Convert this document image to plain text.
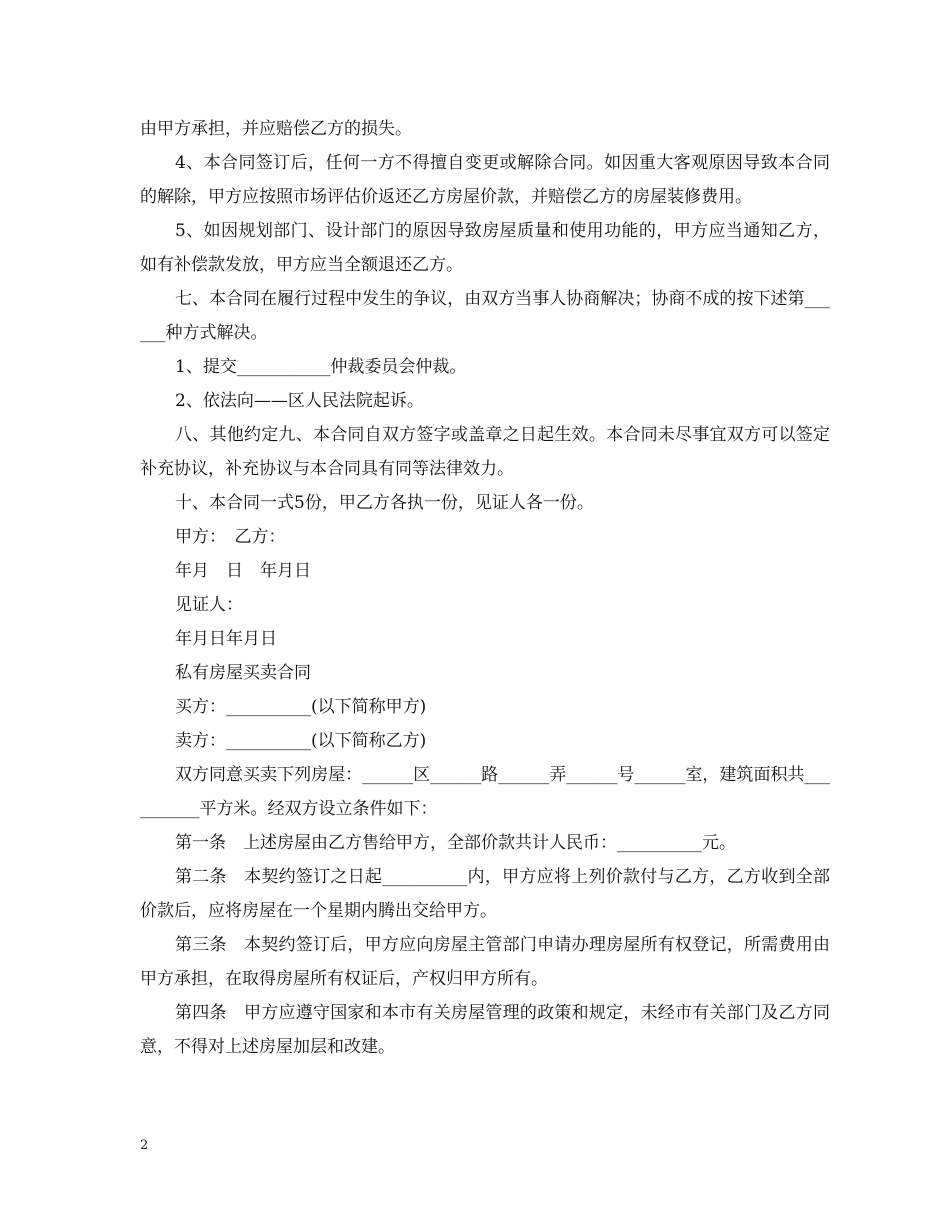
由甲方承担，并应赔偿乙方的损失。

4、本合同签订后，任何一方不得擅自变更或解除合同。如因重大客观原因导致本合同的解除，甲方应按照市场评估价返还乙方房屋价款，并赔偿乙方的房屋装修费用。

5、如因规划部门、设计部门的原因导致房屋质量和使用功能的，甲方应当通知乙方，如有补偿款发放，甲方应当全额退还乙方。

七、本合同在履行过程中发生的争议，由双方当事人协商解决；协商不成的按下述第______种方式解决。

1、提交___________仲裁委员会仲裁。

2、依法向——区人民法院起诉。

八、其他约定九、本合同自双方签字或盖章之日起生效。本合同未尽事宜双方可以签定补充协议，补充协议与本合同具有同等法律效力。

十、本合同一式5份，甲乙方各执一份，见证人各一份。

甲方：　乙方：

年月　日　年月日

见证人：

年月日年月日

私有房屋买卖合同

买方：__________(以下简称甲方)

卖方：__________(以下简称乙方)

双方同意买卖下列房屋：______区______路______弄______号______室，建筑面积共__________平方米。经双方设立条件如下：

第一条　上述房屋由乙方售给甲方，全部价款共计人民币：__________元。

第二条　本契约签订之日起__________内，甲方应将上列价款付与乙方，乙方收到全部价款后，应将房屋在一个星期内腾出交给甲方。

第三条　本契约签订后，甲方应向房屋主管部门申请办理房屋所有权登记，所需费用由甲方承担，在取得房屋所有权证后，产权归甲方所有。

第四条　甲方应遵守国家和本市有关房屋管理的政策和规定，未经市有关部门及乙方同意，不得对上述房屋加层和改建。

2
